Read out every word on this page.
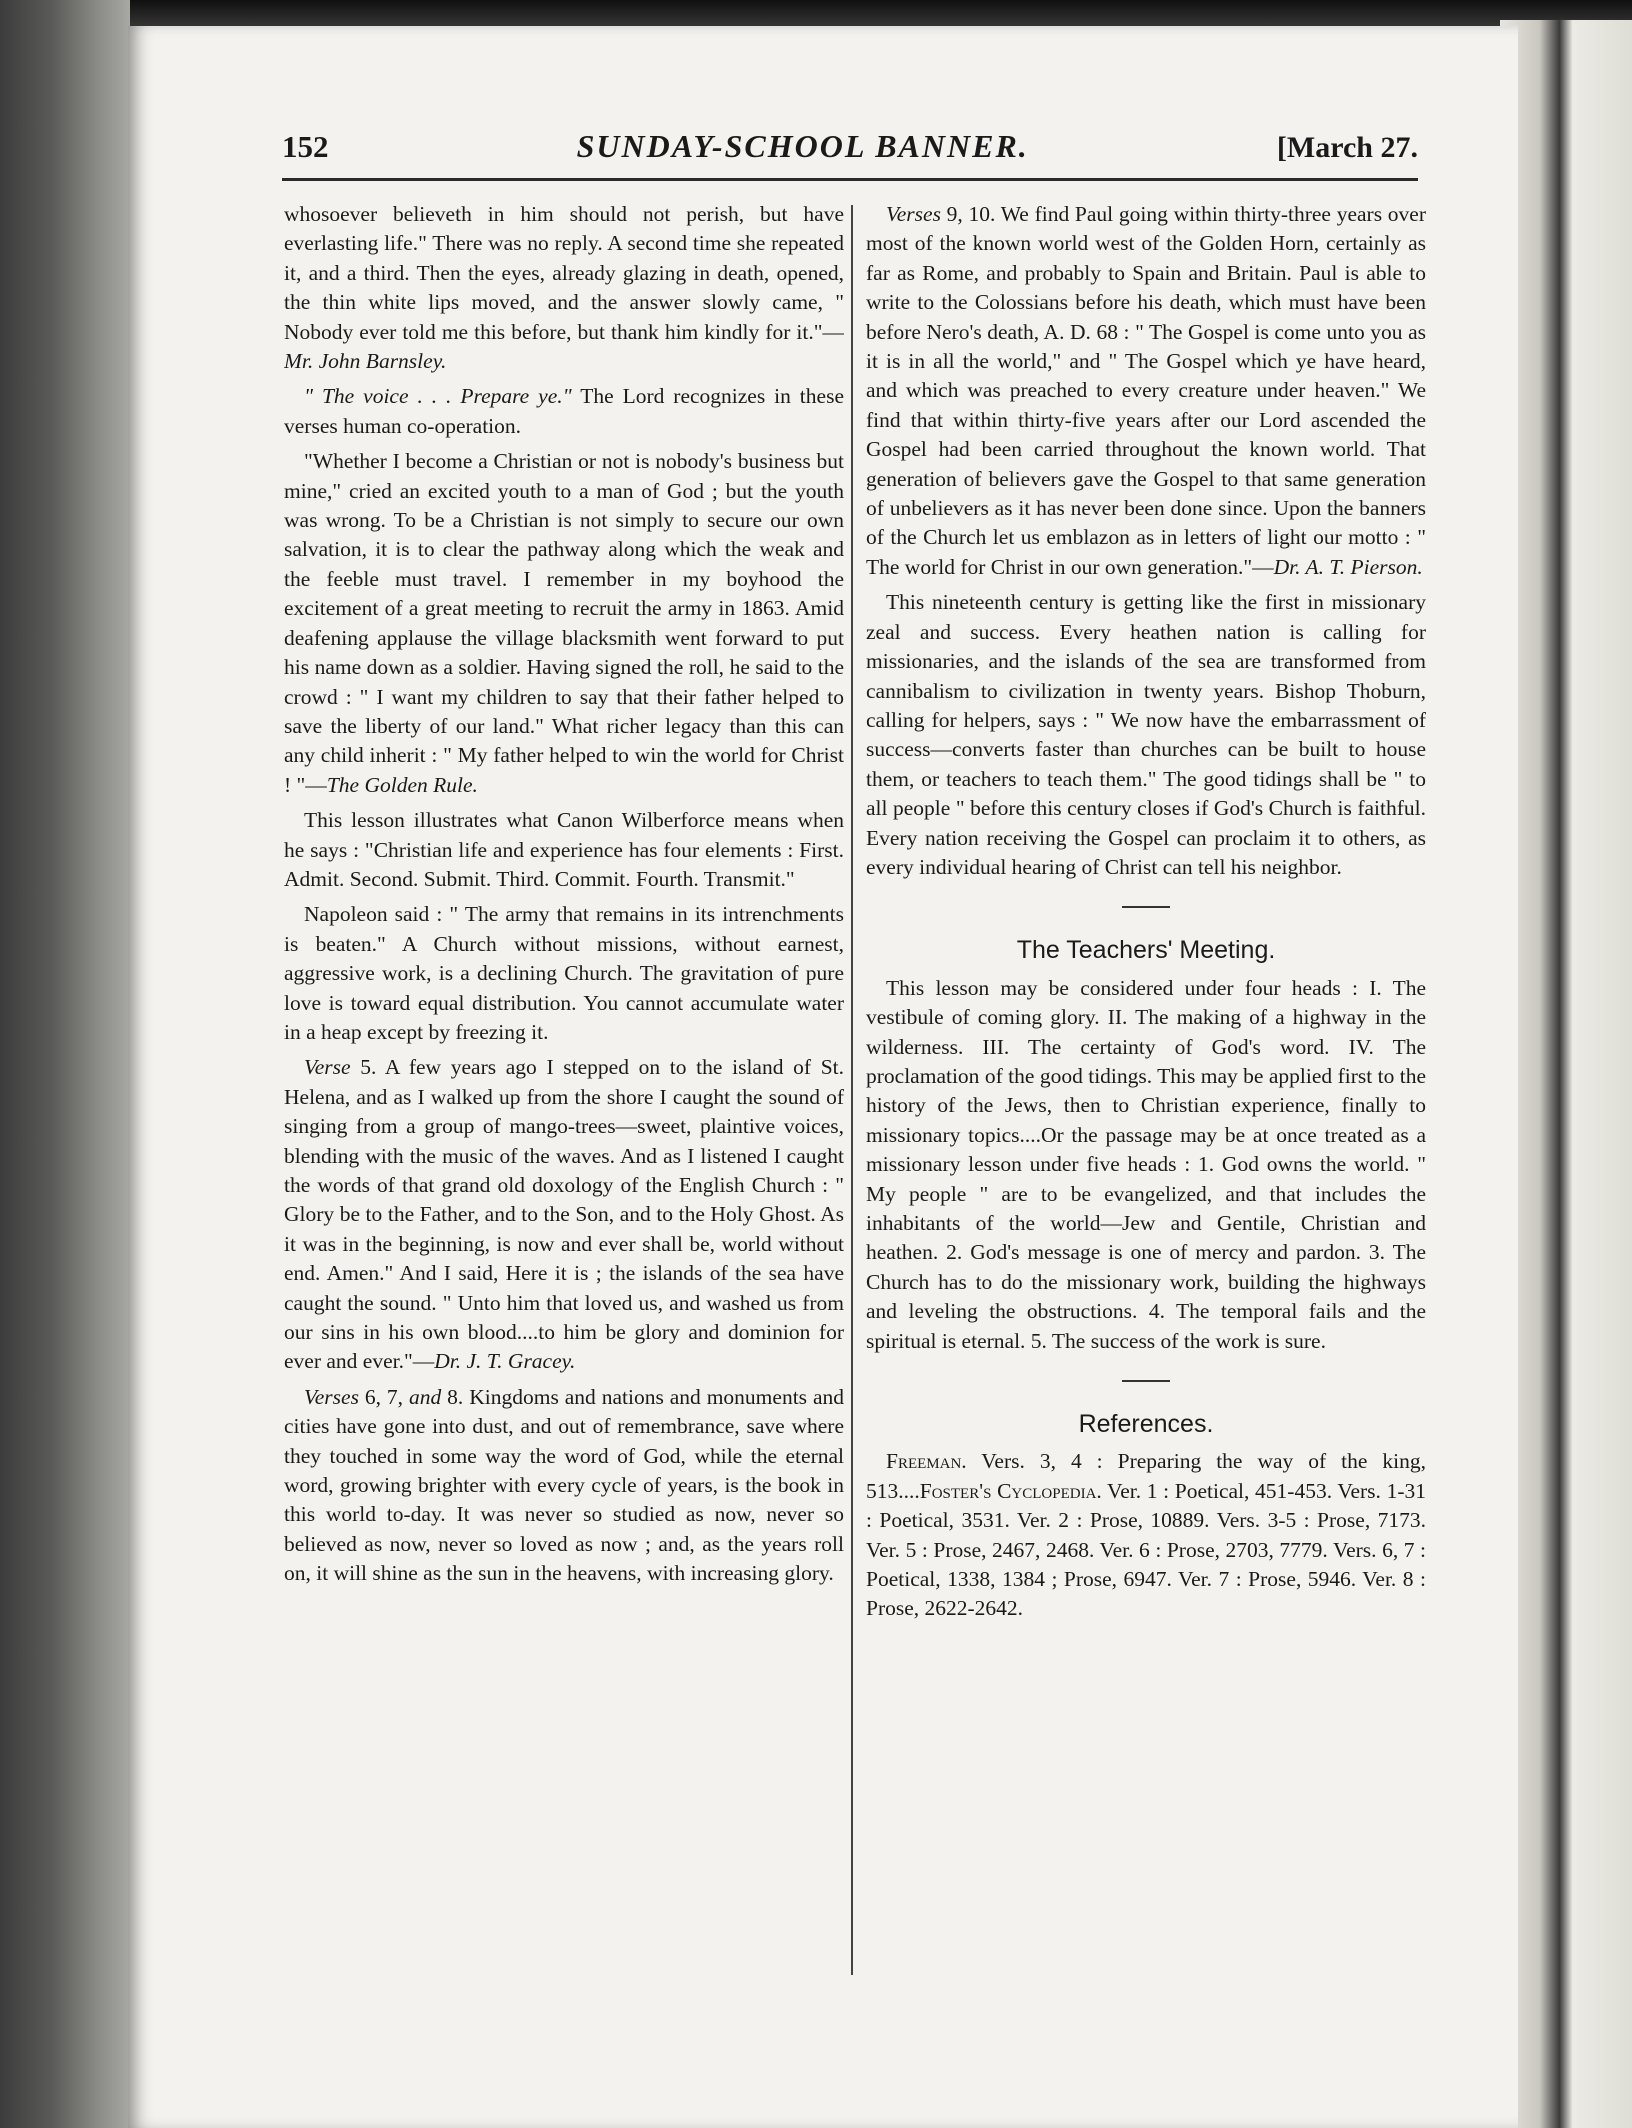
152	SUNDAY-SCHOOL BANNER.	[March 27.

whosoever believeth in him should not perish, but have everlasting life." There was no reply. A second time she repeated it, and a third. Then the eyes, already glazing in death, opened, the thin white lips moved, and the answer slowly came, " Nobody ever told me this before, but thank him kindly for it."—Mr. John Barnsley.

" The voice . . . Prepare ye." The Lord recognizes in these verses human co-operation.

"Whether I become a Christian or not is nobody's business but mine," cried an excited youth to a man of God ; but the youth was wrong. To be a Christian is not simply to secure our own salvation, it is to clear the pathway along which the weak and the feeble must travel. I remember in my boyhood the excitement of a great meeting to recruit the army in 1863. Amid deafening applause the village blacksmith went forward to put his name down as a soldier. Having signed the roll, he said to the crowd : " I want my children to say that their father helped to save the liberty of our land." What richer legacy than this can any child inherit : " My father helped to win the world for Christ ! "—The Golden Rule.

This lesson illustrates what Canon Wilberforce means when he says : "Christian life and experience has four elements : First. Admit. Second. Submit. Third. Commit. Fourth. Transmit."

Napoleon said : " The army that remains in its intrenchments is beaten." A Church without missions, without earnest, aggressive work, is a declining Church. The gravitation of pure love is toward equal distribution. You cannot accumulate water in a heap except by freezing it.

Verse 5. A few years ago I stepped on to the island of St. Helena, and as I walked up from the shore I caught the sound of singing from a group of mango-trees—sweet, plaintive voices, blending with the music of the waves. And as I listened I caught the words of that grand old doxology of the English Church : " Glory be to the Father, and to the Son, and to the Holy Ghost. As it was in the beginning, is now and ever shall be, world without end. Amen." And I said, Here it is ; the islands of the sea have caught the sound. " Unto him that loved us, and washed us from our sins in his own blood....to him be glory and dominion for ever and ever."—Dr. J. T. Gracey.

Verses 6, 7, and 8. Kingdoms and nations and monuments and cities have gone into dust, and out of remembrance, save where they touched in some way the word of God, while the eternal word, growing brighter with every cycle of years, is the book in this world to-day. It was never so studied as now, never so believed as now, never so loved as now ; and, as the years roll on, it will shine as the sun in the heavens, with increasing glory.

Verses 9, 10. We find Paul going within thirty-three years over most of the known world west of the Golden Horn, certainly as far as Rome, and probably to Spain and Britain. Paul is able to write to the Colossians before his death, which must have been before Nero's death, A. D. 68 : " The Gospel is come unto you as it is in all the world," and " The Gospel which ye have heard, and which was preached to every creature under heaven." We find that within thirty-five years after our Lord ascended the Gospel had been carried throughout the known world. That generation of believers gave the Gospel to that same generation of unbelievers as it has never been done since. Upon the banners of the Church let us emblazon as in letters of light our motto : " The world for Christ in our own generation."—Dr. A. T. Pierson.

This nineteenth century is getting like the first in missionary zeal and success. Every heathen nation is calling for missionaries, and the islands of the sea are transformed from cannibalism to civilization in twenty years. Bishop Thoburn, calling for helpers, says : " We now have the embarrassment of success—converts faster than churches can be built to house them, or teachers to teach them." The good tidings shall be " to all people " before this century closes if God's Church is faithful. Every nation receiving the Gospel can proclaim it to others, as every individual hearing of Christ can tell his neighbor.

The Teachers' Meeting.

This lesson may be considered under four heads : I. The vestibule of coming glory. II. The making of a highway in the wilderness. III. The certainty of God's word. IV. The proclamation of the good tidings. This may be applied first to the history of the Jews, then to Christian experience, finally to missionary topics....Or the passage may be at once treated as a missionary lesson under five heads : 1. God owns the world. " My people " are to be evangelized, and that includes the inhabitants of the world—Jew and Gentile, Christian and heathen. 2. God's message is one of mercy and pardon. 3. The Church has to do the missionary work, building the highways and leveling the obstructions. 4. The temporal fails and the spiritual is eternal. 5. The success of the work is sure.

References.

Freeman. Vers. 3, 4 : Preparing the way of the king, 513....Foster's Cyclopedia. Ver. 1 : Poetical, 451-453. Vers. 1-31 : Poetical, 3531. Ver. 2 : Prose, 10889. Vers. 3-5 : Prose, 7173. Ver. 5 : Prose, 2467, 2468. Ver. 6 : Prose, 2703, 7779. Vers. 6, 7 : Poetical, 1338, 1384 ; Prose, 6947. Ver. 7 : Prose, 5946. Ver. 8 : Prose, 2622-2642.
